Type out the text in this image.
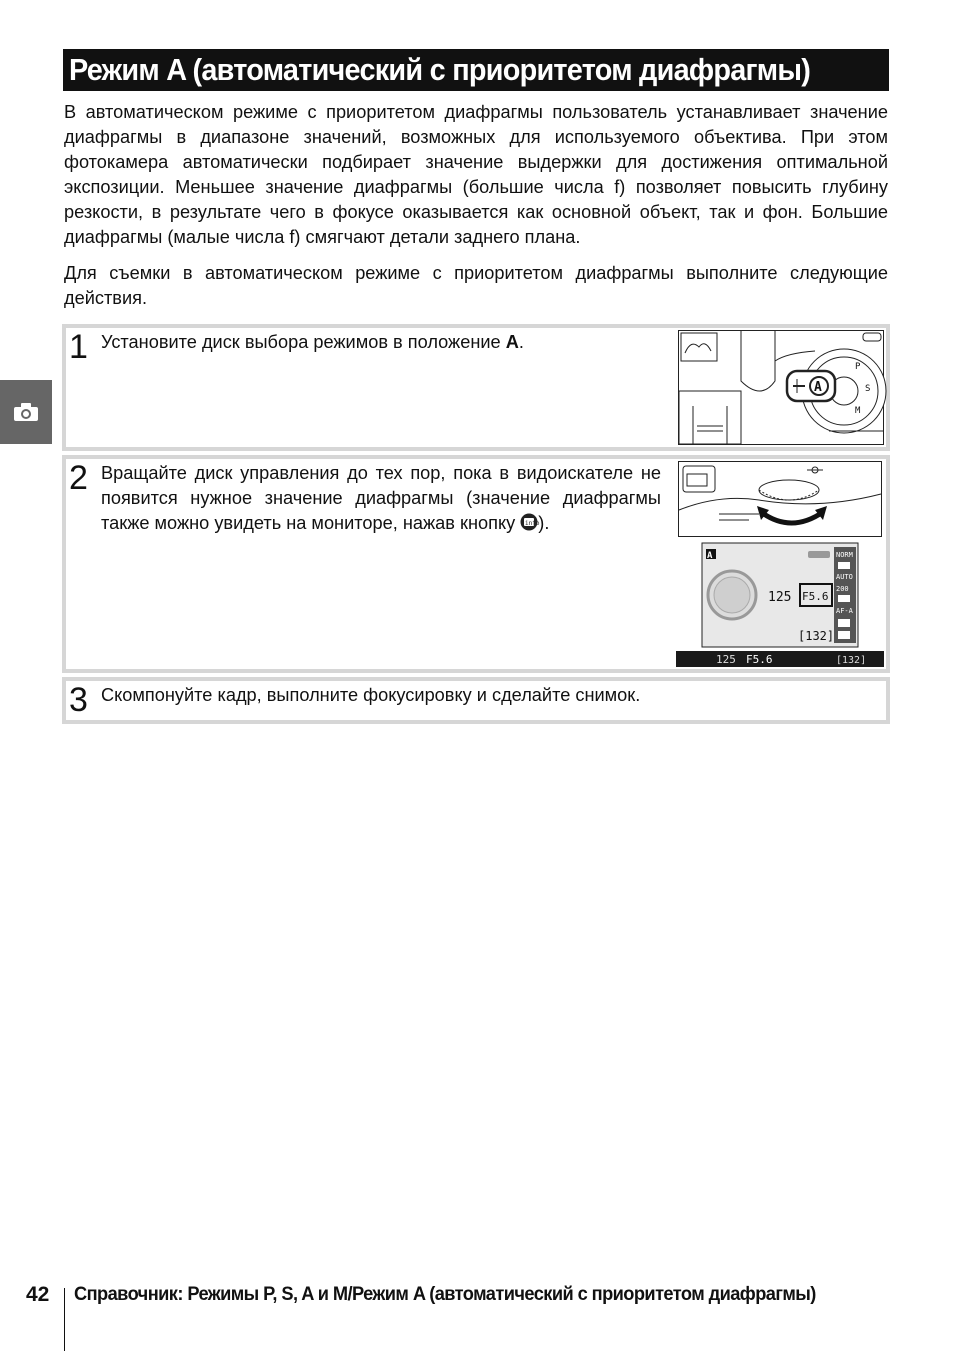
Режим A (автоматический с приоритетом диафрагмы)

В автоматическом режиме с приоритетом диафрагмы пользователь устанавливает значение диафрагмы в диапазоне значений, возможных для используемого объектива. При этом фотокамера автоматически подбирает значение выдержки для достижения оптимальной экспозиции. Меньшее значение диафрагмы (большие числа f) позволяет повысить глубину резкости, в результате чего в фокусе оказывается как основной объект, так и фон. Большие диафрагмы (малые числа f) смягчают детали заднего плана.

Для съемки в автоматическом режиме с приоритетом диафрагмы выполните следующие действия.

1 Установите диск выбора режимов в положение A.

A
P
S
M
2 Вращайте диск управления до тех пор, пока в видоискателе не появится нужное значение диафрагмы (значение диафрагмы также можно увидеть на мониторе, нажав кнопку info
).

A	NORM
AUTO
200
AF-A
125 F5.6
[132]
125 F5.6	[132]
3 Скомпонуйте кадр, выполните фокусировку и сделайте снимок.

42 Справочник: Режимы P, S, A и M/Режим A (автоматический с приоритетом диафрагмы)
